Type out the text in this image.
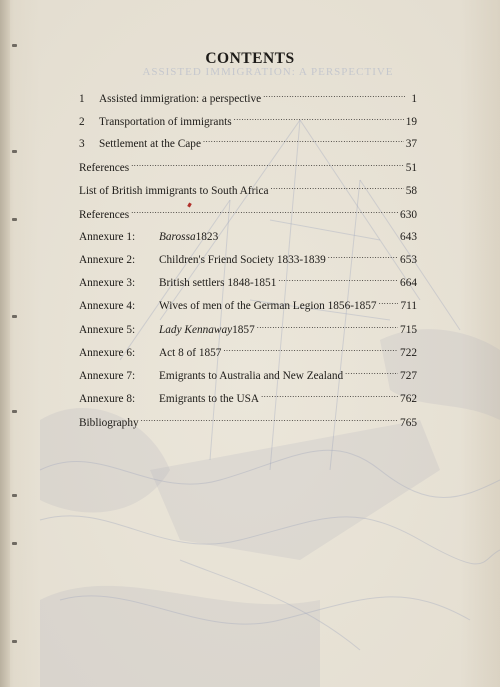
ASSISTED IMMIGRATION: A PERSPECTIVE
CONTENTS
1	Assisted immigration: a perspective .....	1
2	Transportation of immigrants .....	19
3	Settlement at the Cape .....	37
References .....	51
List of British immigrants to South Africa .....	58
References .....	630
Annexure 1:	Barossa 1823	643
Annexure 2:	Children's Friend Society 1833-1839 .....	653
Annexure 3:	British settlers 1848-1851 .....	664
Annexure 4:	Wives of men of the German Legion 1856-1857 ..... 711
Annexure 5:	Lady Kennaway 1857 .....	715
Annexure 6:	Act 8 of 1857 .....	722
Annexure 7:	Emigrants to Australia and New Zealand .....	727
Annexure 8:	Emigrants to the USA .....	762
Bibliography .....	765
